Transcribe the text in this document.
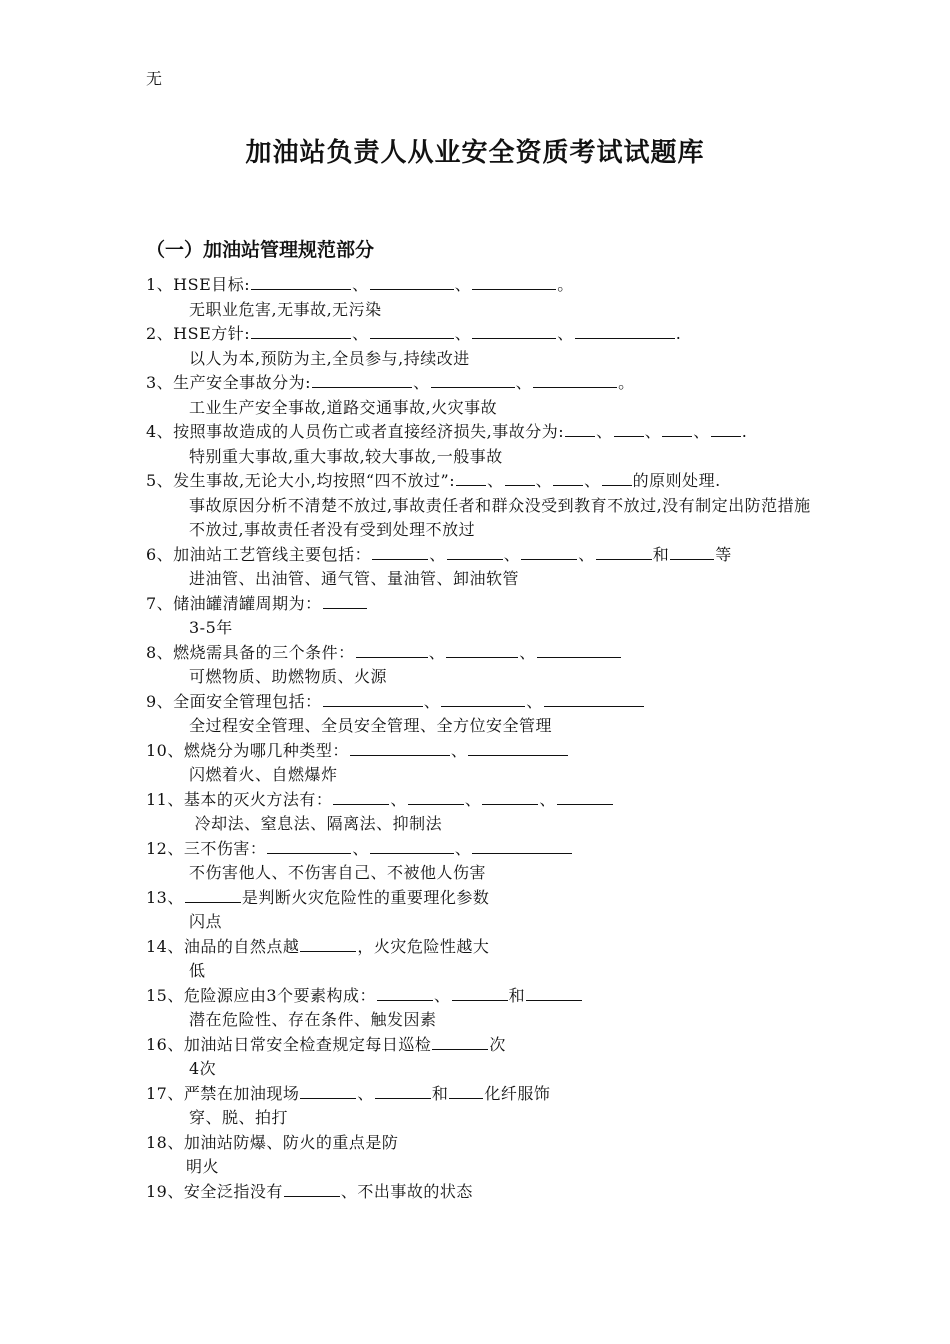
无
加油站负责人从业安全资质考试试题库
（一）加油站管理规范部分
1、HSE目标:	、	、	。
无职业危害,无事故,无污染
2、HSE方针:	、	、	、	.
以人为本,预防为主,全员参与,持续改进
3、生产安全事故分为:	、	、	。
工业生产安全事故,道路交通事故,火灾事故
4、按照事故造成的人员伤亡或者直接经济损失,事故分为: 、 、 、 .
特别重大事故,重大事故,较大事故,一般事故
5、发生事故,无论大小,均按照“四不放过”: 、 、 、 的原则处理.
事故原因分析不清楚不放过,事故责任者和群众没受到教育不放过,没有制定出防范措施不放过,事故责任者没有受到处理不放过
6、加油站工艺管线主要包括：	、	、	、	和	等
进油管、出油管、通气管、量油管、卸油软管
7、储油罐清罐周期为：
3-5年
8、燃烧需具备的三个条件：	、	、
可燃物质、助燃物质、火源
9、全面安全管理包括：	、	、
全过程安全管理、全员安全管理、全方位安全管理
10、燃烧分为哪几种类型：	、
闪燃着火、自燃爆炸
11、基本的灭火方法有：	、	、	、
冷却法、窒息法、隔离法、抑制法
12、三不伤害：	、	、
不伤害他人、不伤害自己、不被他人伤害
13、	是判断火灾危险性的重要理化参数
闪点
14、油品的自然点越	，火灾危险性越大
低
15、危险源应由3个要素构成：	、	和
潜在危险性、存在条件、触发因素
16、加油站日常安全检查规定每日巡检	次
4次
17、严禁在加油现场	、	和 化纤服饰
穿、脱、拍打
18、加油站防爆、防火的重点是防
明火
19、安全泛指没有	、不出事故的状态
